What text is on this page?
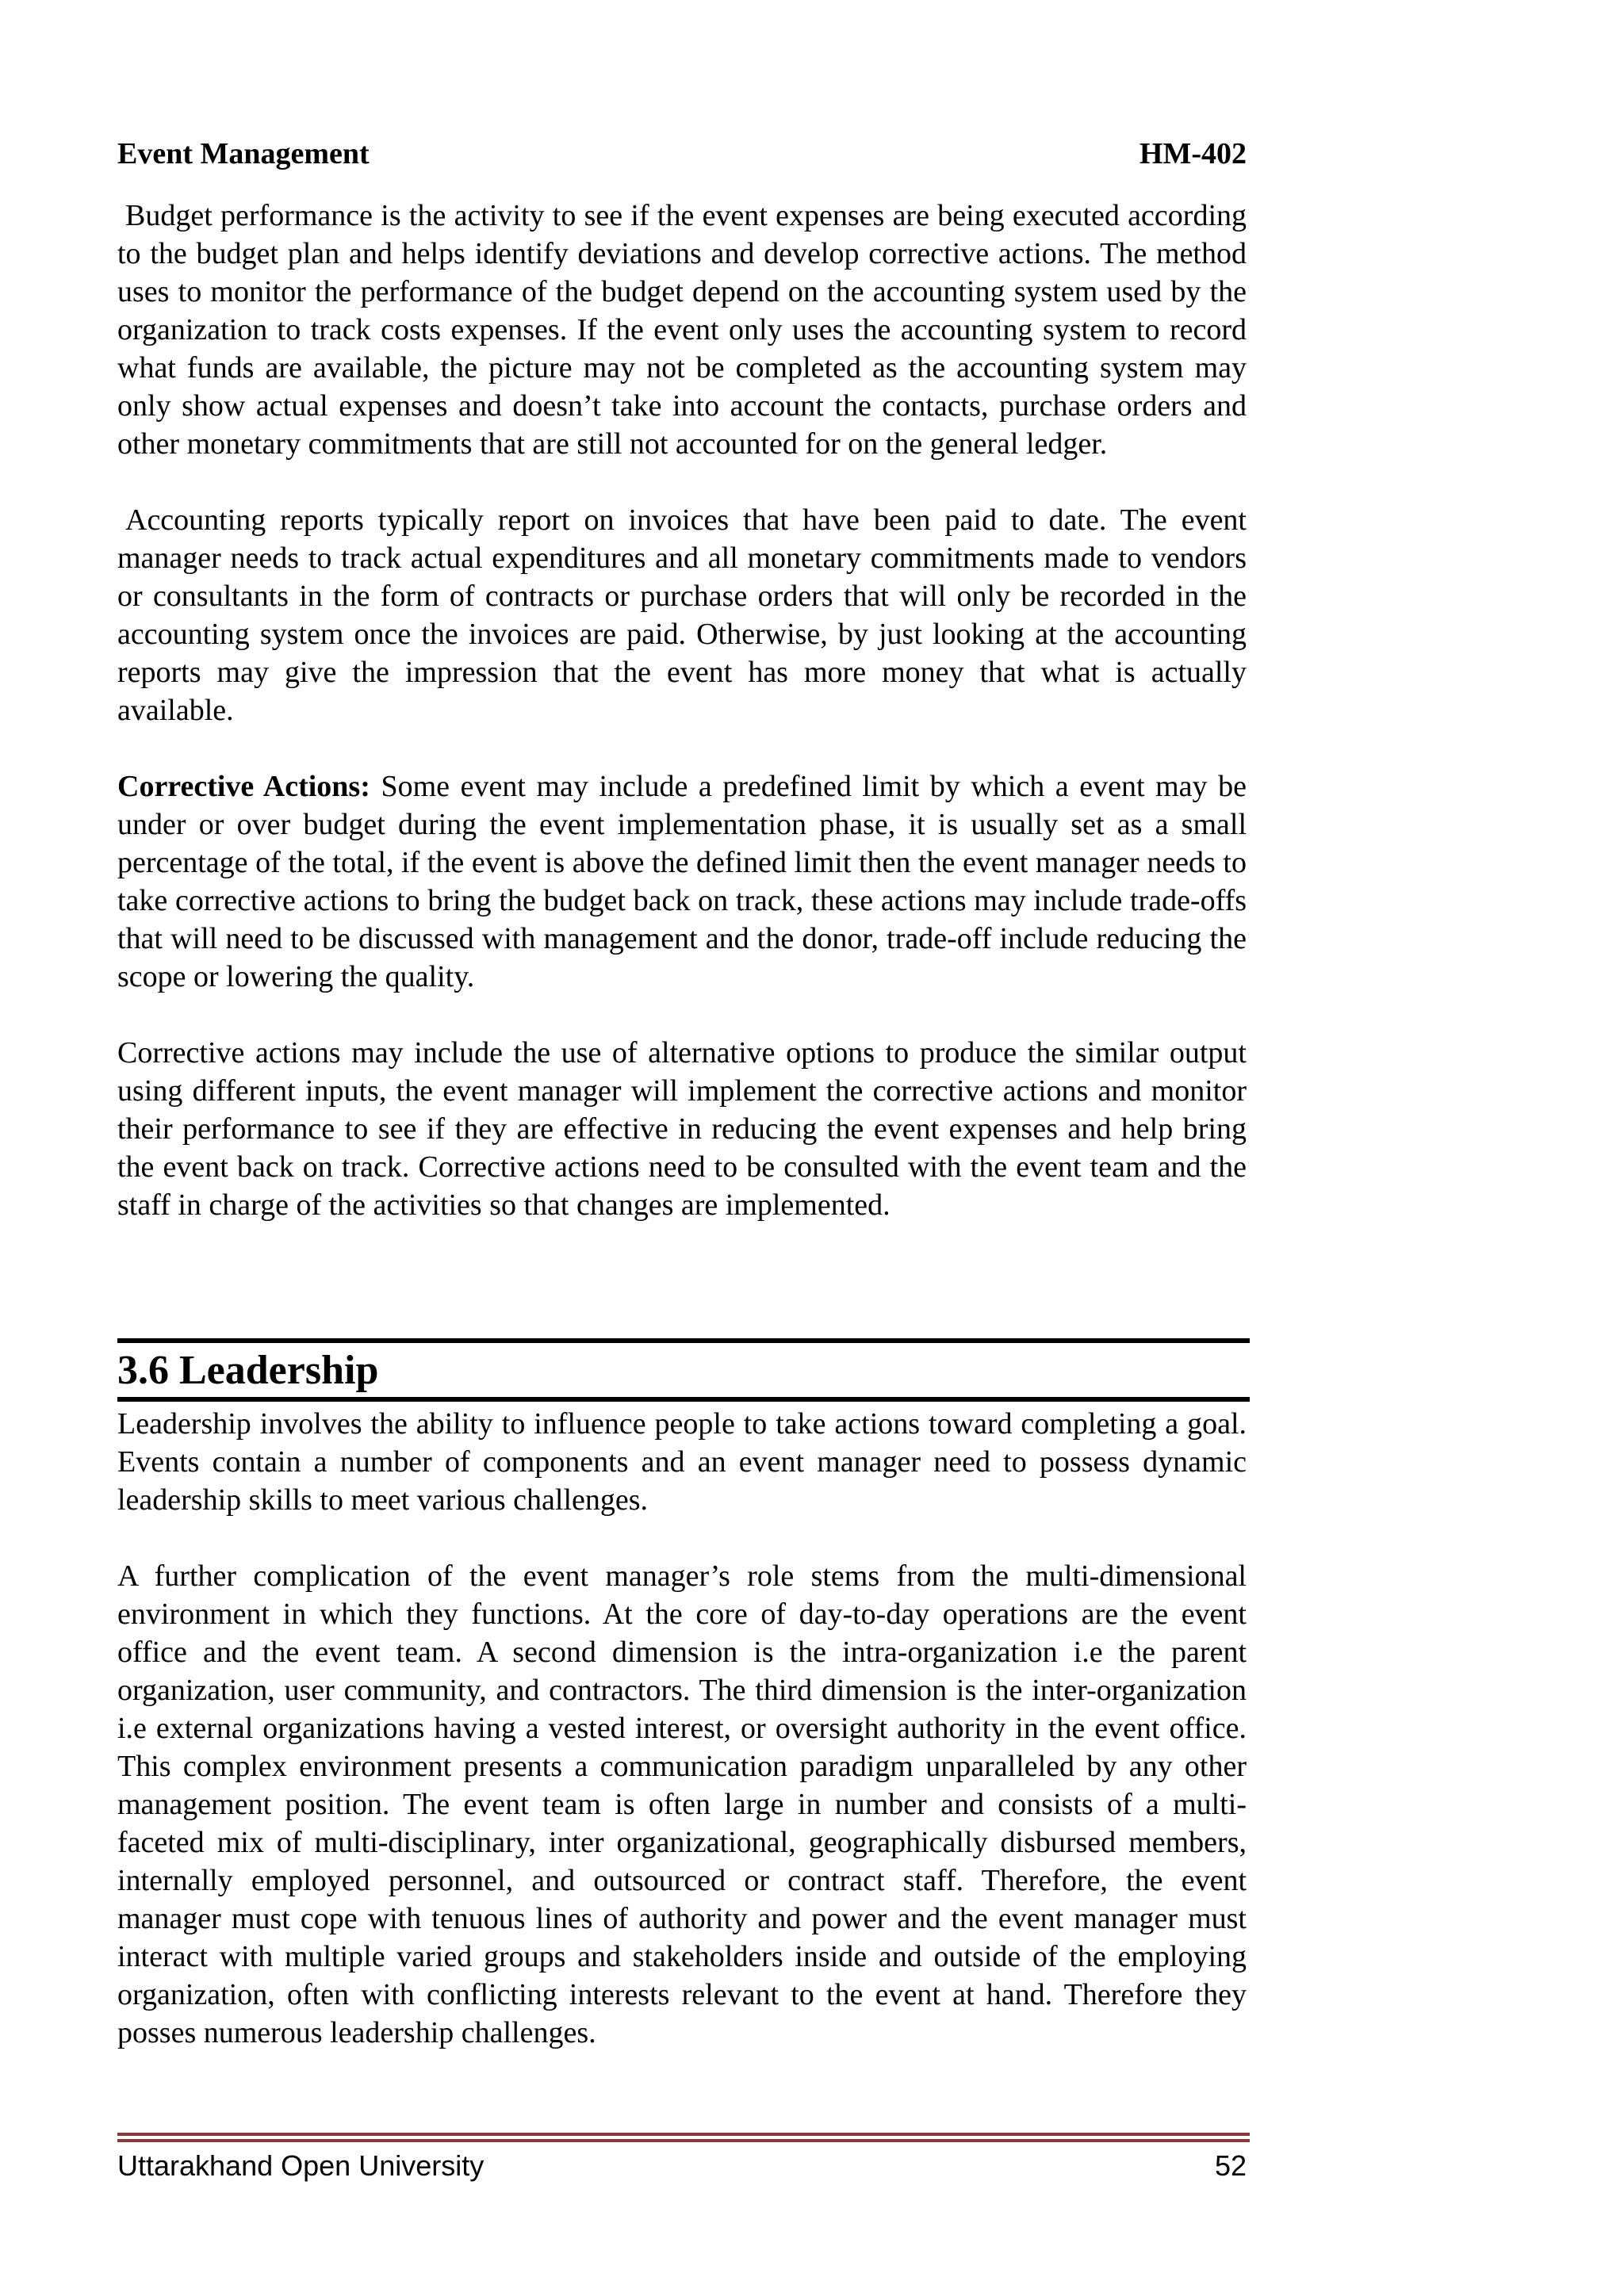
Event Management	HM-402

Budget performance is the activity to see if the event expenses are being executed according to the budget plan and helps identify deviations and develop corrective actions. The method uses to monitor the performance of the budget depend on the accounting system used by the organization to track costs expenses. If the event only uses the accounting system to record what funds are available, the picture may not be completed as the accounting system may only show actual expenses and doesn’t take into account the contacts, purchase orders and other monetary commitments that are still not accounted for on the general ledger.

Accounting reports typically report on invoices that have been paid to date. The event manager needs to track actual expenditures and all monetary commitments made to vendors or consultants in the form of contracts or purchase orders that will only be recorded in the accounting system once the invoices are paid. Otherwise, by just looking at the accounting reports may give the impression that the event has more money that what is actually available.

Corrective Actions: Some event may include a predefined limit by which a event may be under or over budget during the event implementation phase, it is usually set as a small percentage of the total, if the event is above the defined limit then the event manager needs to take corrective actions to bring the budget back on track, these actions may include trade-offs that will need to be discussed with management and the donor, trade-off include reducing the scope or lowering the quality.

Corrective actions may include the use of alternative options to produce the similar output using different inputs, the event manager will implement the corrective actions and monitor their performance to see if they are effective in reducing the event expenses and help bring the event back on track. Corrective actions need to be consulted with the event team and the staff in charge of the activities so that changes are implemented.

3.6 Leadership

Leadership involves the ability to influence people to take actions toward completing a goal. Events contain a number of components and an event manager need to possess dynamic leadership skills to meet various challenges.

A further complication of the event manager’s role stems from the multi-dimensional environment in which they functions. At the core of day-to-day operations are the event office and the event team. A second dimension is the intra-organization i.e the parent organization, user community, and contractors. The third dimension is the inter-organization i.e external organizations having a vested interest, or oversight authority in the event office. This complex environment presents a communication paradigm unparalleled by any other management position. The event team is often large in number and consists of a multi-faceted mix of multi-disciplinary, inter organizational, geographically disbursed members, internally employed personnel, and outsourced or contract staff. Therefore, the event manager must cope with tenuous lines of authority and power and the event manager must interact with multiple varied groups and stakeholders inside and outside of the employing organization, often with conflicting interests relevant to the event at hand. Therefore they posses numerous leadership challenges.

Uttarakhand Open University	52
